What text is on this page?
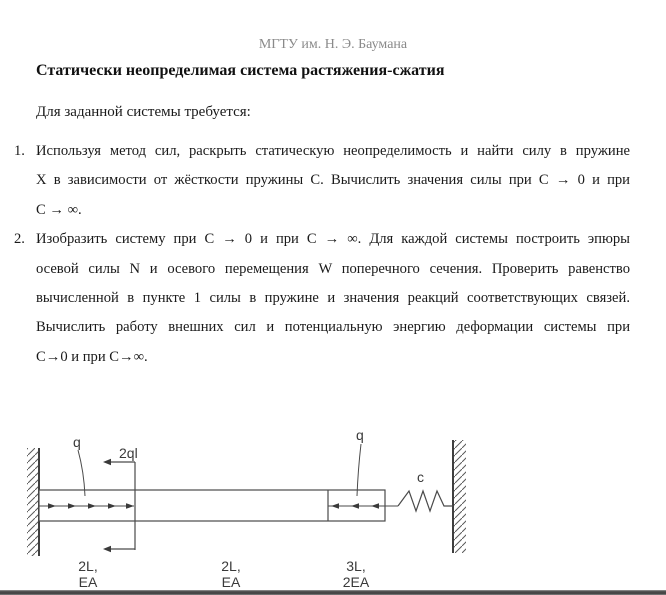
МГТУ им. Н. Э. Баумана
Статически неопределимая система растяжения-сжатия
Для заданной системы требуется:
1. Используя метод сил, раскрыть статическую неопределимость и найти силу в пружине
Х в зависимости от жёсткости пружины С. Вычислить значения силы при С → 0 и при
С → ∞.
2. Изобразить систему при С → 0 и при С → ∞. Для каждой системы построить эпюры
осевой силы N и осевого перемещения W поперечного сечения. Проверить равенство
вычисленной в пункте 1 силы в пружине и значения реакций соответствующих связей.
Вычислить работу внешних сил и потенциальную энергию деформации системы при
С→0 и при С→∞.
2ql
q	q
c
2L,
EA
2L,
EA
3L,
2EA
